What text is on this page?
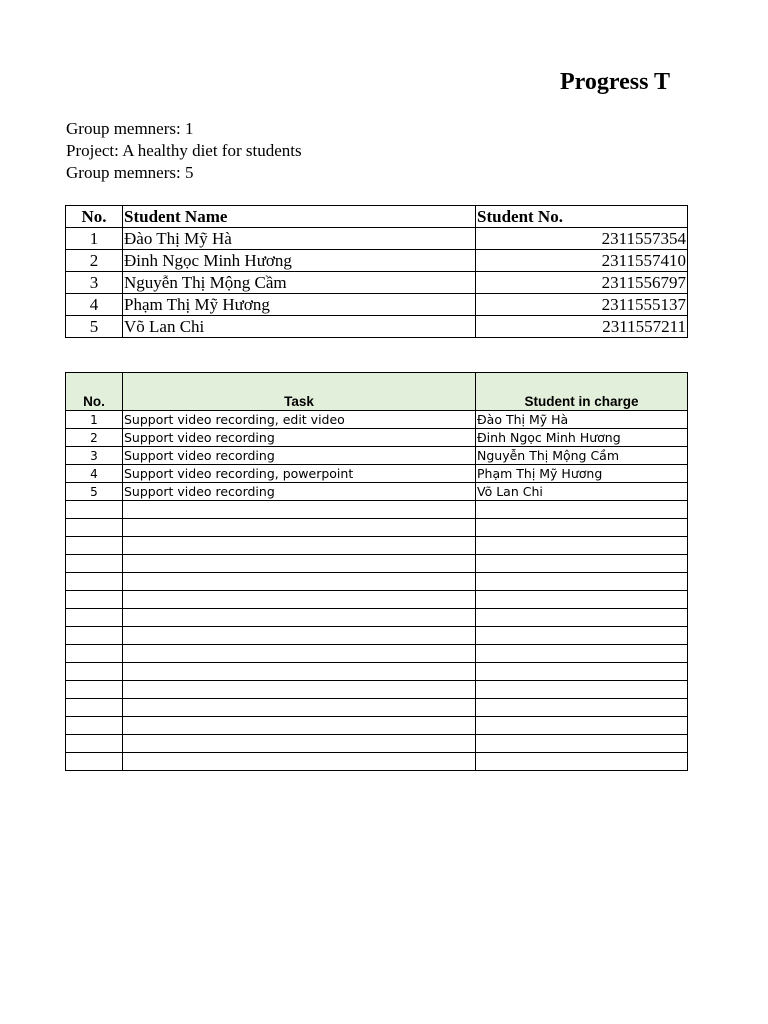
Progress T
Group memners: 1
Project: A healthy diet for students
Group memners: 5
No.	Student Name	Student No.
1	Đào Thị Mỹ Hà	2311557354
2	Đinh Ngọc Minh Hương	2311557410
3	Nguyễn Thị Mộng Cầm	2311556797
4	Phạm Thị Mỹ Hương	2311555137
5	Võ Lan Chi	2311557211
No.	Task	Student in charge
1	Support video recording, edit video	Đào Thị Mỹ Hà
2	Support video recording	Đinh Ngọc Minh Hương
3	Support video recording	Nguyễn Thị Mộng Cầm
4	Support video recording, powerpoint	Phạm Thị Mỹ Hương
5	Support video recording	Võ Lan Chi
